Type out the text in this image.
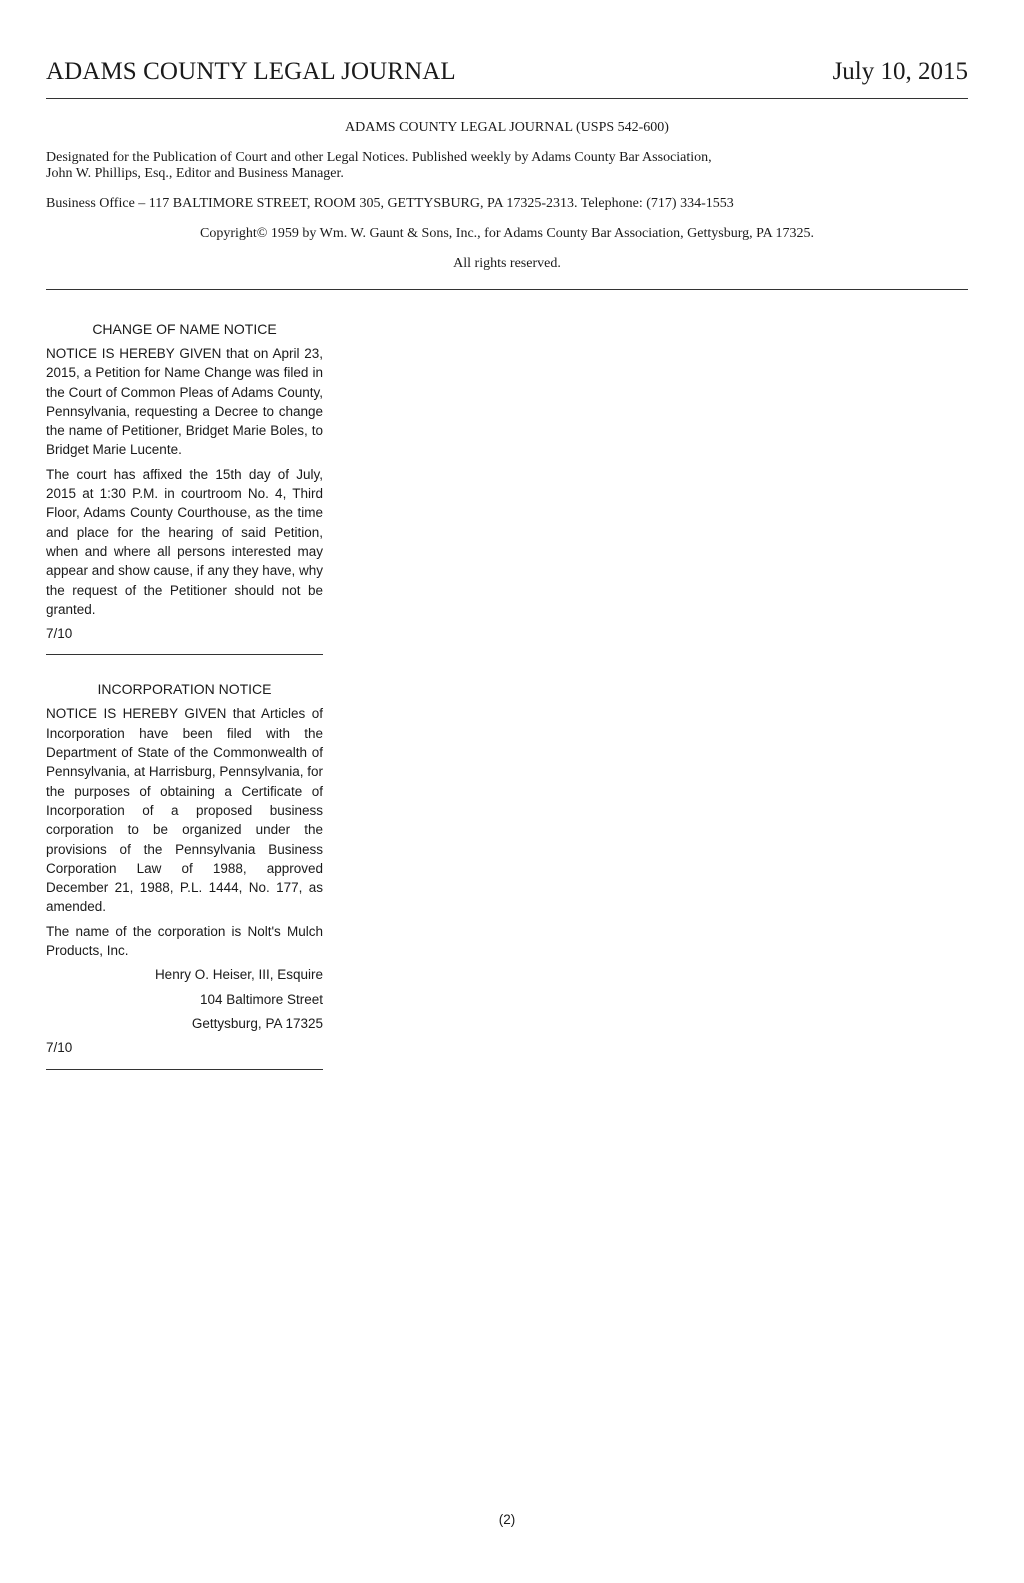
ADAMS COUNTY LEGAL JOURNAL	July 10, 2015
ADAMS COUNTY LEGAL JOURNAL (USPS 542-600)
Designated for the Publication of Court and other Legal Notices. Published weekly by Adams County Bar Association,
John W. Phillips, Esq., Editor and Business Manager.
Business Office – 117 BALTIMORE STREET, ROOM 305, GETTYSBURG, PA 17325-2313. Telephone: (717) 334-1553
Copyright© 1959 by Wm. W. Gaunt & Sons, Inc., for Adams County Bar Association, Gettysburg, PA 17325.
All rights reserved.
CHANGE OF NAME NOTICE

NOTICE IS HEREBY GIVEN that on April 23, 2015, a Petition for Name Change was filed in the Court of Common Pleas of Adams County, Pennsylvania, requesting a Decree to change the name of Petitioner, Bridget Marie Boles, to Bridget Marie Lucente.

The court has affixed the 15th day of July, 2015 at 1:30 P.M. in courtroom No. 4, Third Floor, Adams County Courthouse, as the time and place for the hearing of said Petition, when and where all persons interested may appear and show cause, if any they have, why the request of the Petitioner should not be granted.

7/10
INCORPORATION NOTICE

NOTICE IS HEREBY GIVEN that Articles of Incorporation have been filed with the Department of State of the Commonwealth of Pennsylvania, at Harrisburg, Pennsylvania, for the purposes of obtaining a Certificate of Incorporation of a proposed business corporation to be organized under the provisions of the Pennsylvania Business Corporation Law of 1988, approved December 21, 1988, P.L. 1444, No. 177, as amended.

The name of the corporation is Nolt's Mulch Products, Inc.

Henry O. Heiser, III, Esquire
104 Baltimore Street
Gettysburg, PA 17325
7/10
(2)
